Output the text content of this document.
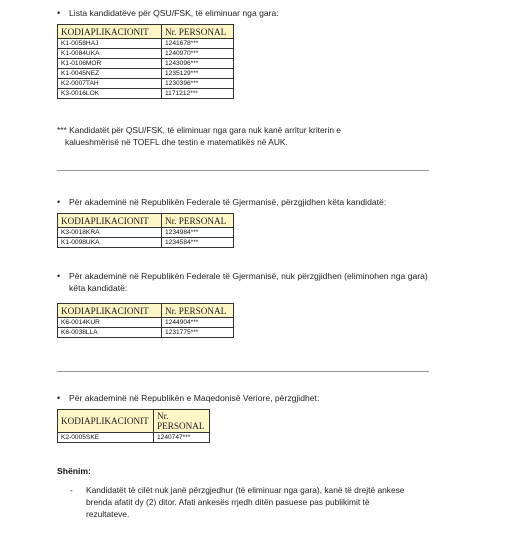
•	Lista kandidatëve për QSU/FSK, të eliminuar nga gara:
KODIAPLIKACIONIT	Nr. PERSONAL
K1-0058HAJ	1241678***
K1-0084UKA	1240970***
K1-0106MOR	1243096***
K1-0045NEZ	1235129***
K2-0007TAH	1230396***
K3-0016LOK	1171212***
*** Kandidatët për QSU/FSK, të eliminuar nga gara nuk kanë arritur kriterin e
kalueshmërisë në TOEFL dhe testin e matematikës në AUK.
•	Për akademinë në Republikën Federale të Gjermanisë, përzgjidhen këta kandidatë:
KODIAPLIKACIONIT	Nr. PERSONAL
K3-0018KRA	1234984***
K1-0098UKA	1234584***
•	Për akademinë në Republikën Federale të Gjermanisë, nuk përzgjidhen (eliminohen nga gara) këta kandidatë:
KODIAPLIKACIONIT	Nr. PERSONAL
K6-0014KUR	1244904***
K6-0038LLA	1231775***
•	Për akademinë në Republikën e Maqedonisë Veriore, përzgjidhet:
KODIAPLIKACIONIT	Nr. PERSONAL
K2-0005SKE	1240747***
Shënim:
-	Kandidatët të cilët nuk janë përzgjedhur (të eliminuar nga gara), kanë të drejtë ankese brenda afatit dy (2) ditor. Afati ankesës rrjedh ditën pasuese pas publikimit të rezultateve.
